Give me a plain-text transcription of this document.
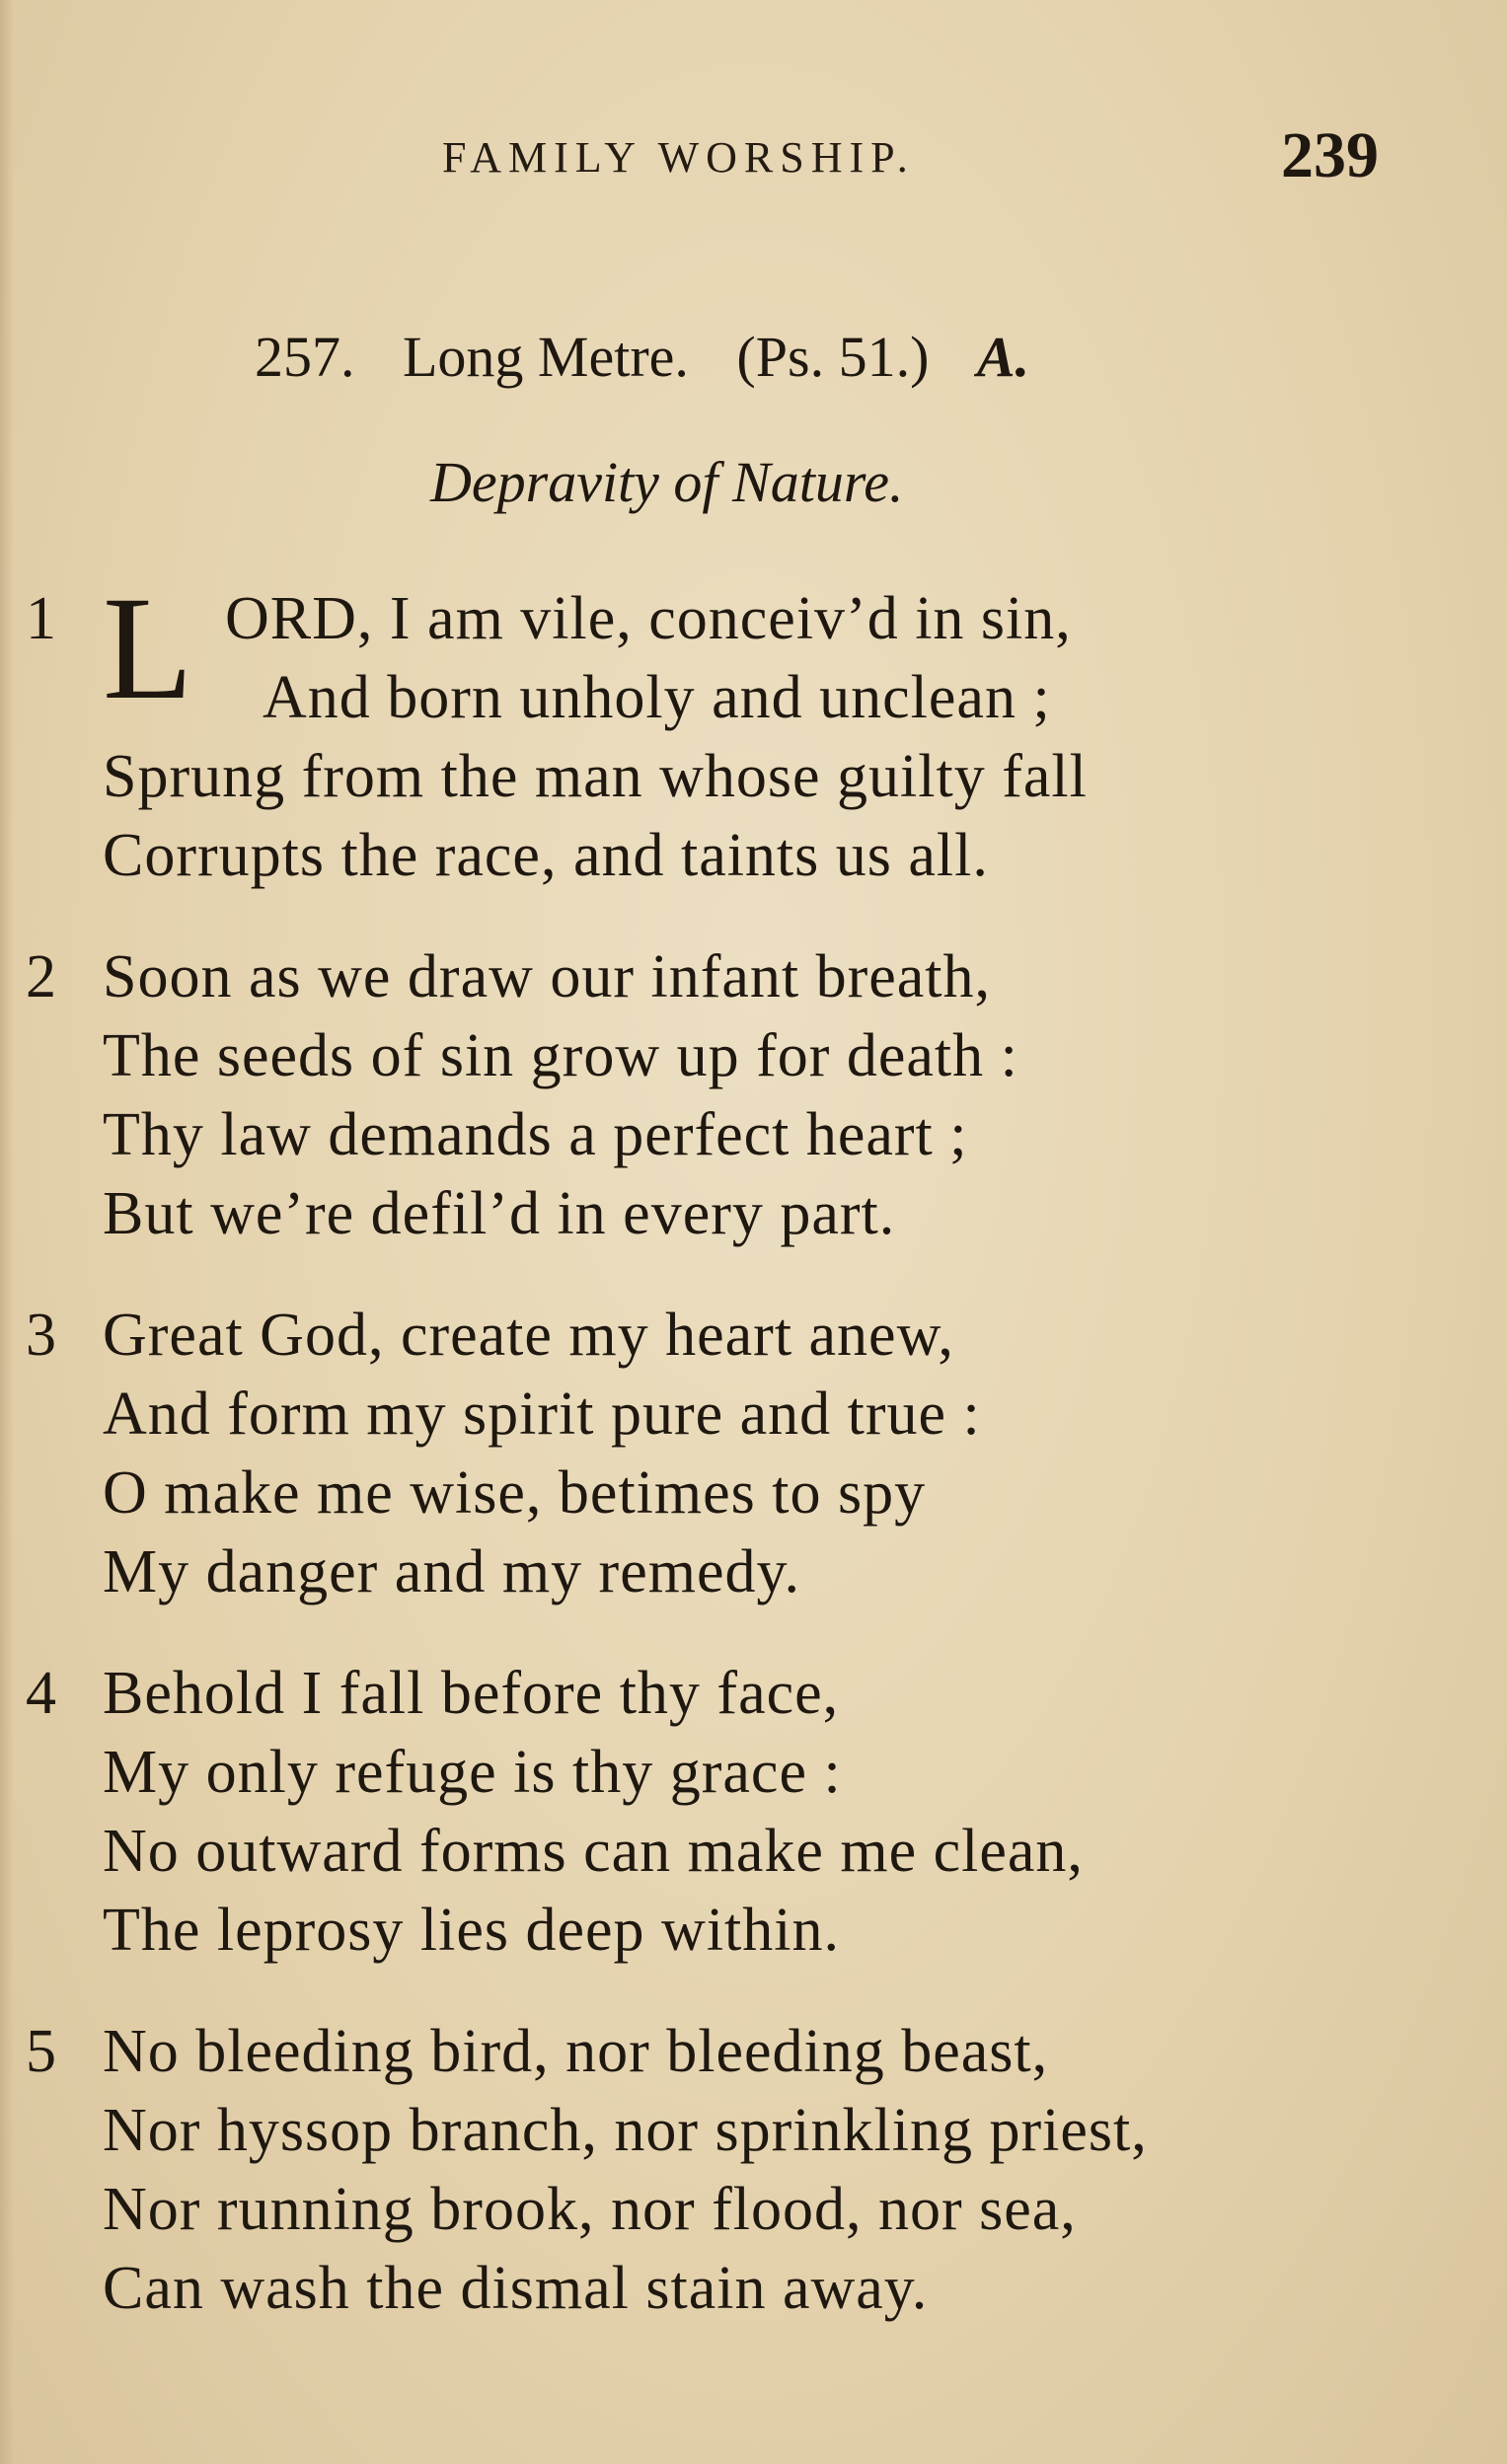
FAMILY WORSHIP.	239
257. Long Metre. (Ps. 51.) A.
Depravity of Nature.
1 L ORD, I am vile, conceiv’d in sin,
And born unholy and unclean ;
Sprung from the man whose guilty fall
Corrupts the race, and taints us all.
2 Soon as we draw our infant breath,
The seeds of sin grow up for death :
Thy law demands a perfect heart ;
But we’re defil’d in every part.
3 Great God, create my heart anew,
And form my spirit pure and true :
O make me wise, betimes to spy
My danger and my remedy.
4 Behold I fall before thy face,
My only refuge is thy grace :
No outward forms can make me clean,
The leprosy lies deep within.
5 No bleeding bird, nor bleeding beast,
Nor hyssop branch, nor sprinkling priest,
Nor running brook, nor flood, nor sea,
Can wash the dismal stain away.
